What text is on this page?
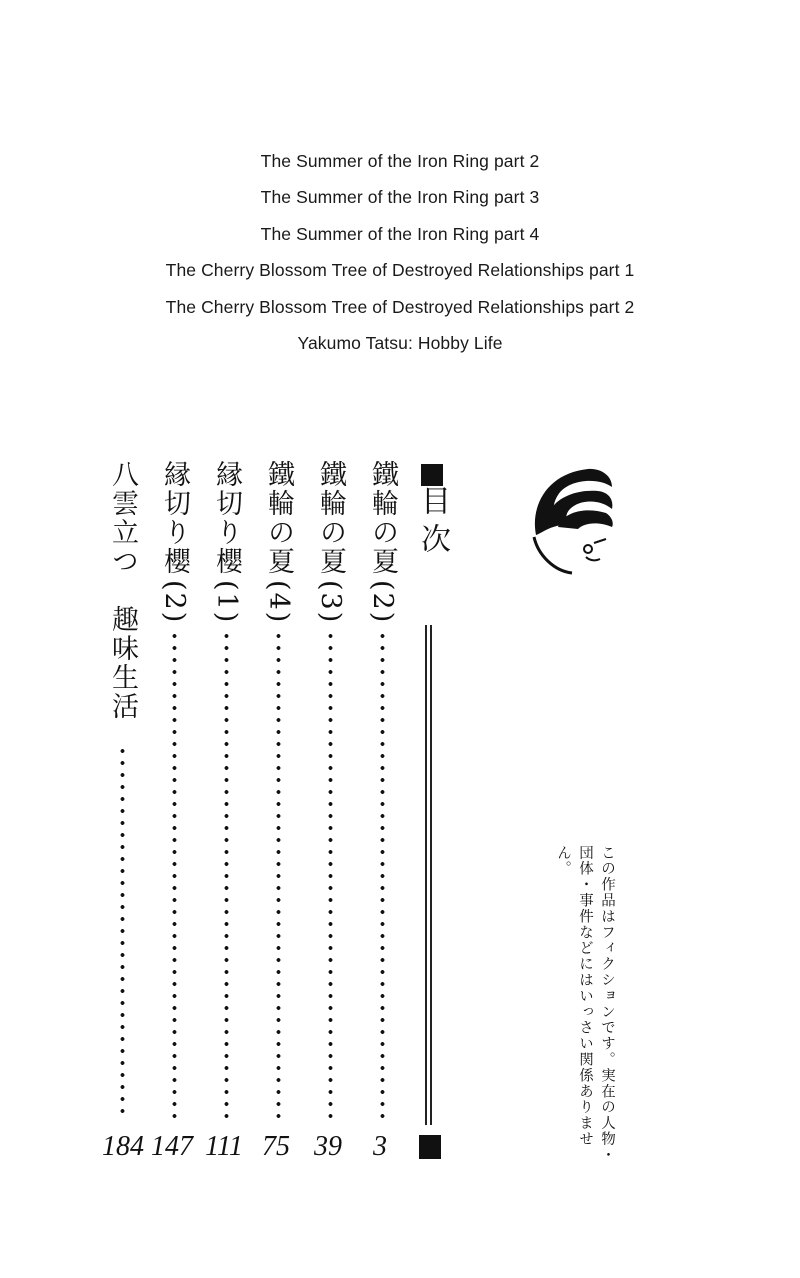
The Summer of the Iron Ring part 2
The Summer of the Iron Ring part 3
The Summer of the Iron Ring part 4
The Cherry Blossom Tree of Destroyed Relationships part 1
The Cherry Blossom Tree of Destroyed Relationships part 2
Yakumo Tatsu: Hobby Life
目次
鐵輪の夏
(2)
3
鐵輪の夏
(3)
39
鐵輪の夏
(4)
75
縁切り櫻
(1)
111
縁切り櫻
(2)
147
八雲立つ
趣味生活
184	この作品はフィクションです。実在の人物・団体・事件などにはいっさい関係ありません。
